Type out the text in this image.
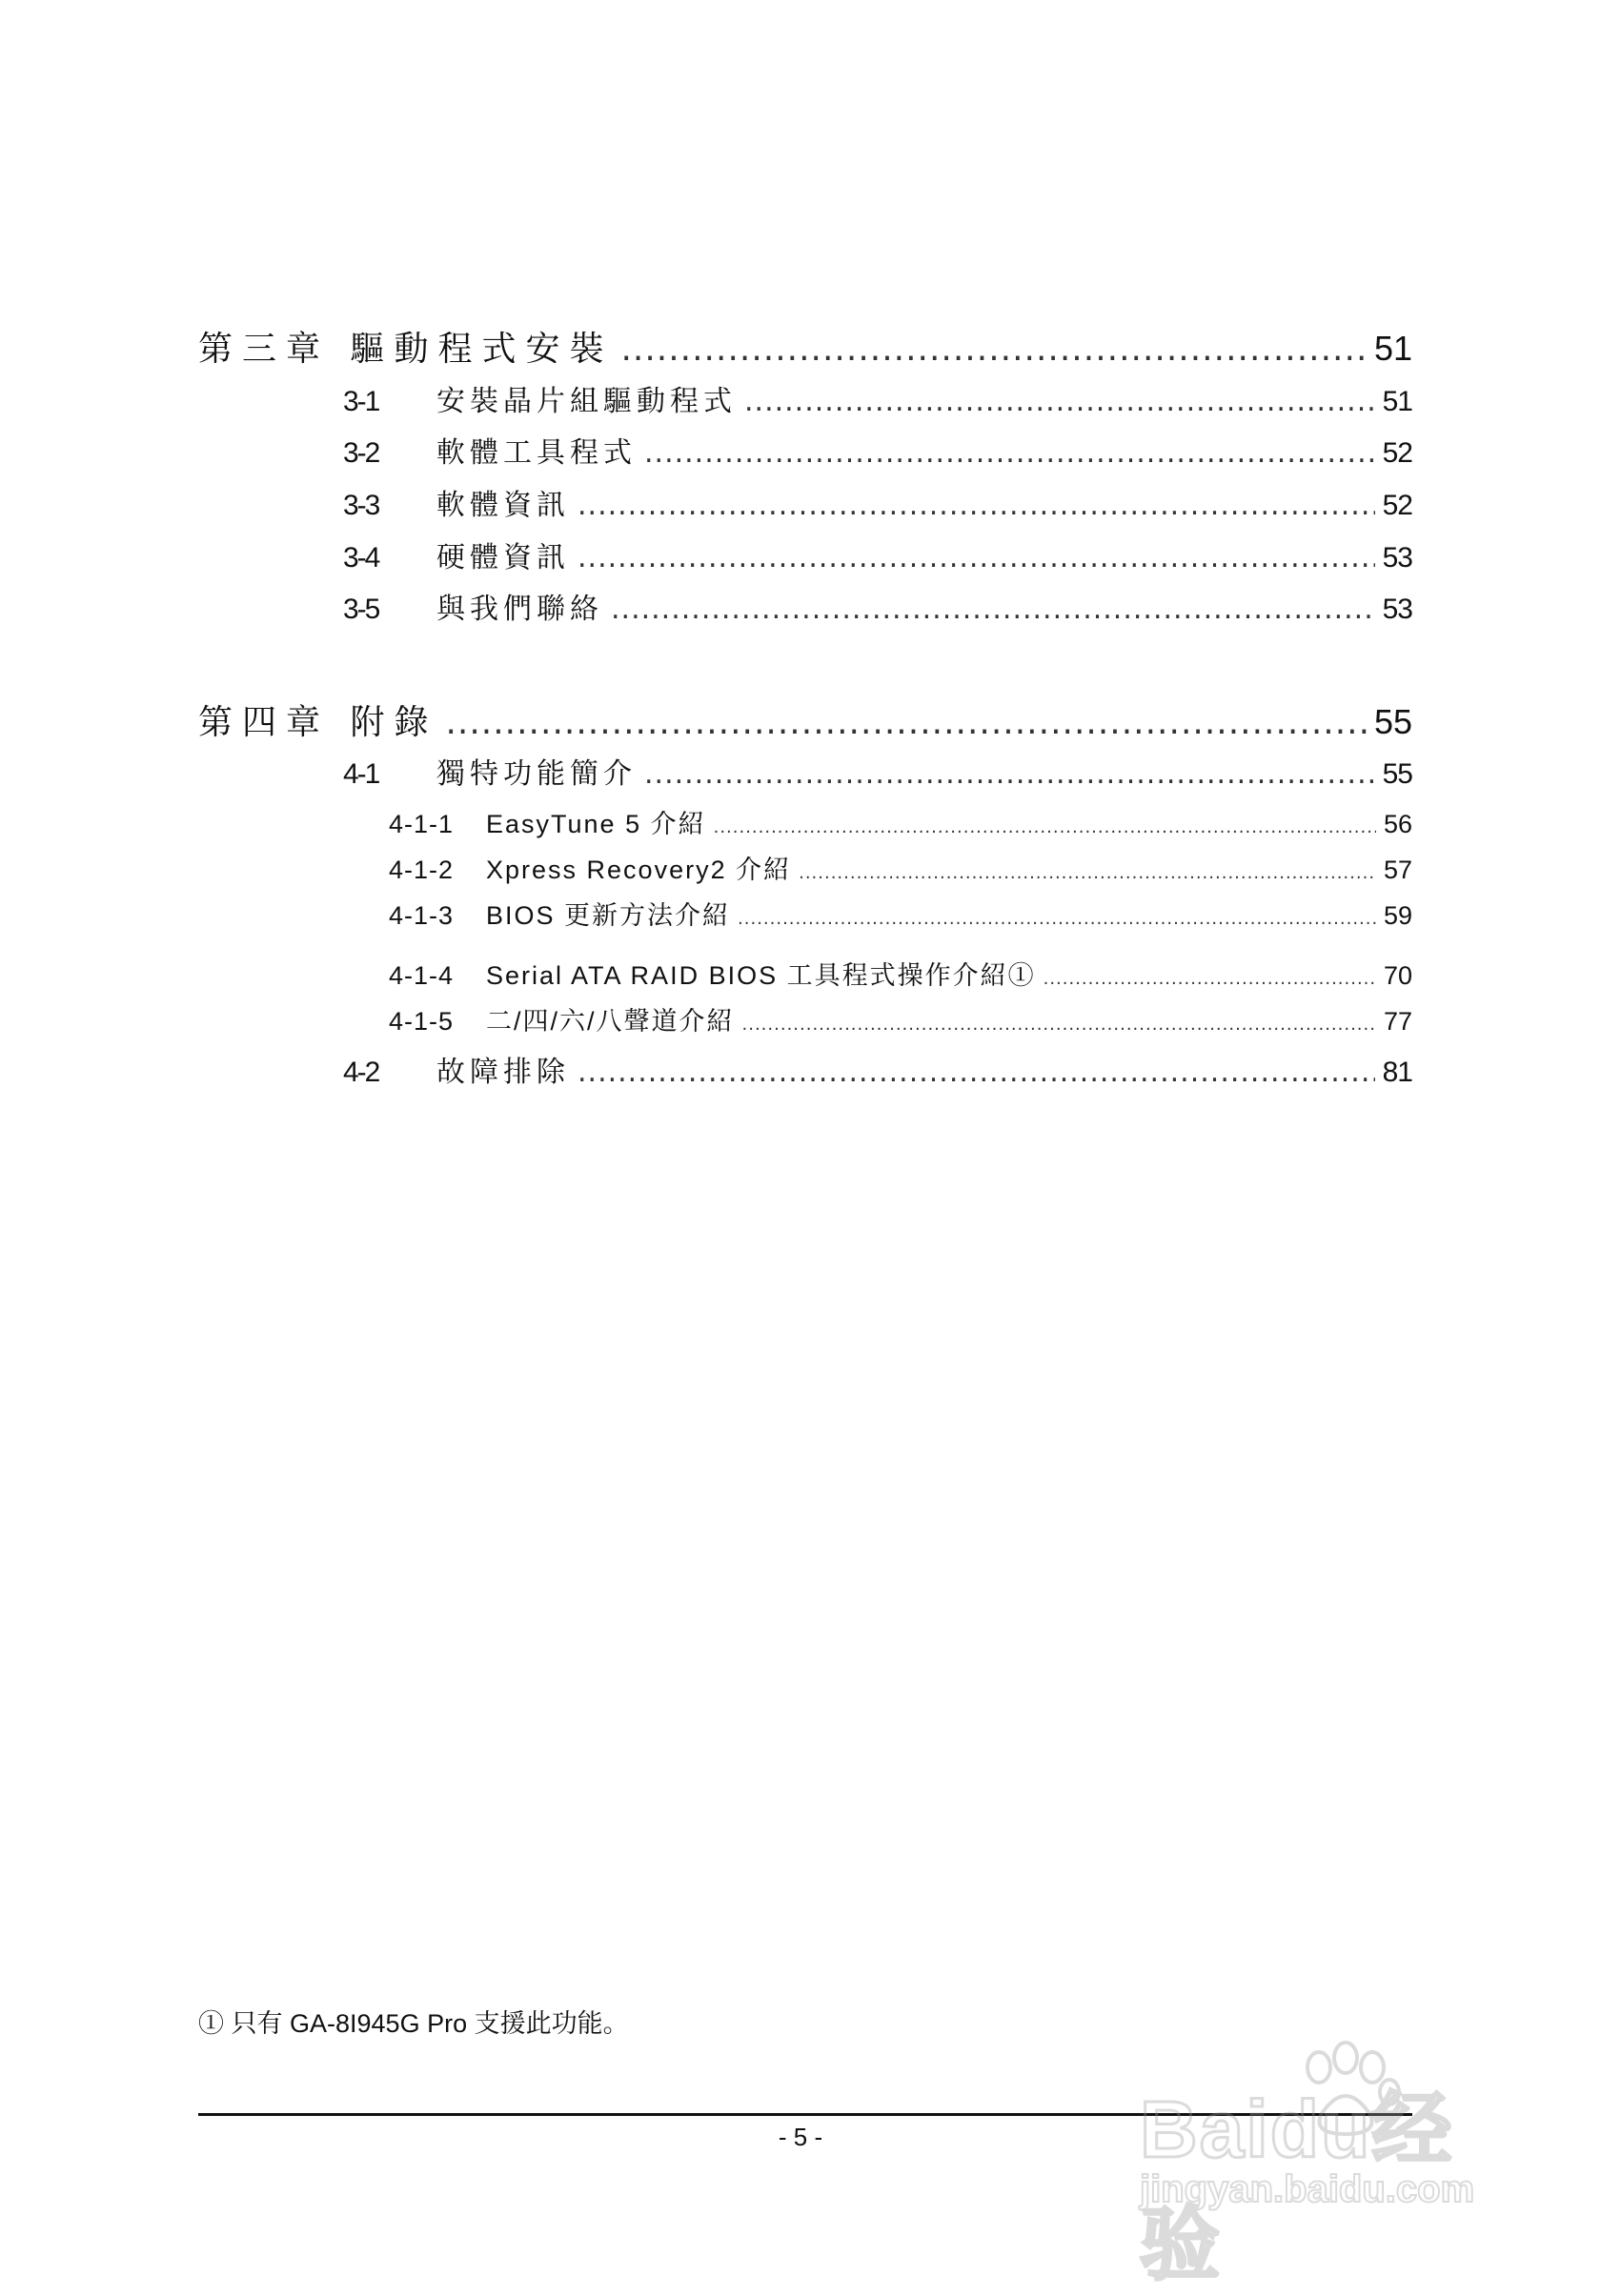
第三章 驅動程式安裝 .....	51
3-1	安裝晶片組驅動程式 .....	51
3-2	軟體工具程式 .....	52
3-3	軟體資訊 .....	52
3-4	硬體資訊 .....	53
3-5	與我們聯絡 .....	53
第四章 附錄 .....	55
4-1	獨特功能簡介 .....	55
4-1-1	EasyTune 5 介紹 .....	56
4-1-2	Xpress Recovery2 介紹 .....	57
4-1-3	BIOS 更新方法介紹 .....	59
4-1-4	Serial ATA RAID BIOS 工具程式操作介紹① .....	70
4-1-5	二/四/六/八聲道介紹 .....	77
4-2	故障排除 .....	81
① 只有 GA-8I945G Pro 支援此功能。
- 5 -	Baidu经验
jingyan.baidu.com
